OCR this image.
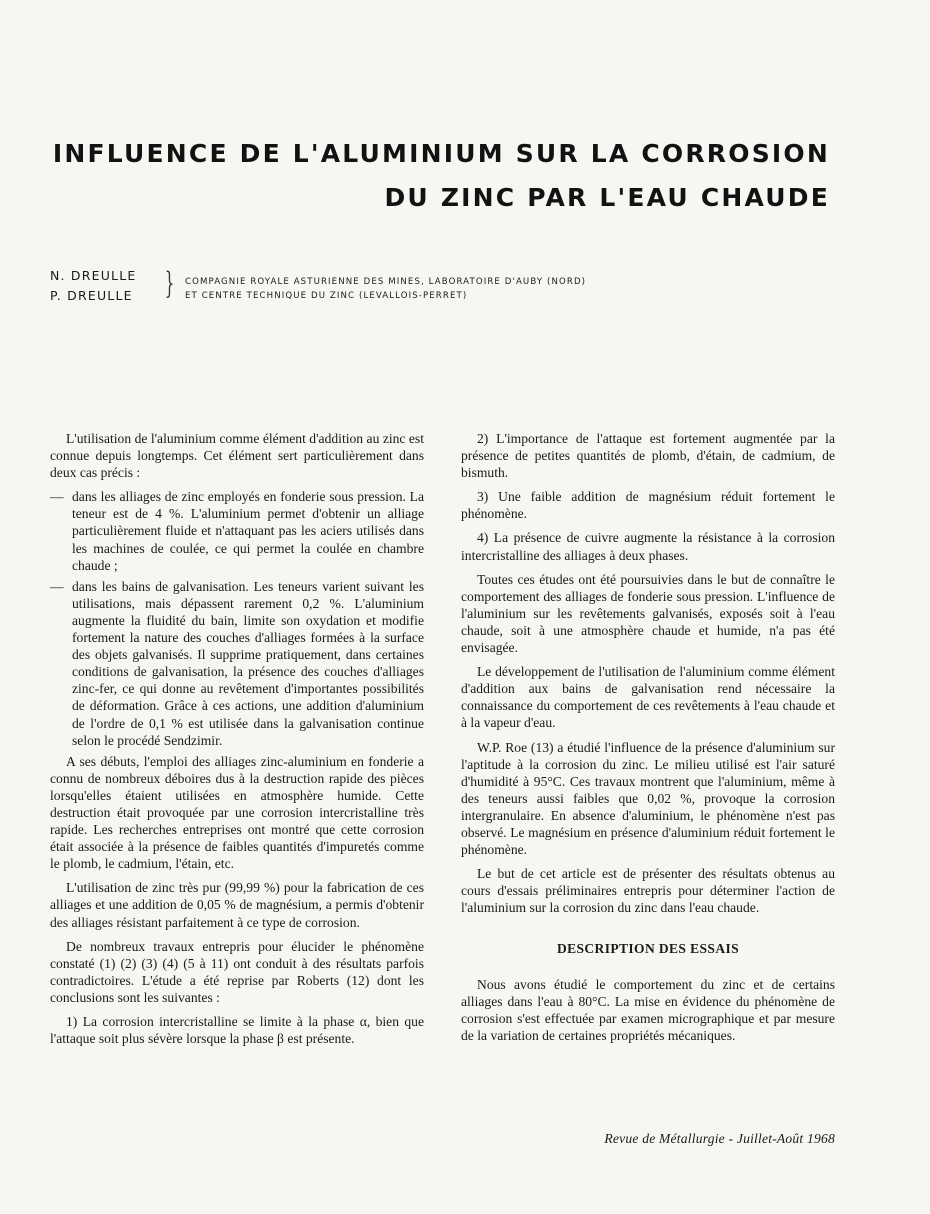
INFLUENCE DE L'ALUMINIUM SUR LA CORROSION
DU ZINC PAR L'EAU CHAUDE
N. DREULLE
P. DREULLE } COMPAGNIE ROYALE ASTURIENNE DES MINES, LABORATOIRE D'AUBY (NORD)
ET CENTRE TECHNIQUE DU ZINC (LEVALLOIS-PERRET)

L'utilisation de l'aluminium comme élément d'addition au zinc est connue depuis longtemps. Cet élément sert particulièrement dans deux cas précis :

— dans les alliages de zinc employés en fonderie sous pression. La teneur est de 4 %. L'aluminium permet d'obtenir un alliage particulièrement fluide et n'attaquant pas les aciers utilisés dans les machines de coulée, ce qui permet la coulée en chambre chaude ;
— dans les bains de galvanisation. Les teneurs varient suivant les utilisations, mais dépassent rarement 0,2 %. L'aluminium augmente la fluidité du bain, limite son oxydation et modifie fortement la nature des couches d'alliages formées à la surface des objets galvanisés. Il supprime pratiquement, dans certaines conditions de galvanisation, la présence des couches d'alliages zinc-fer, ce qui donne au revêtement d'importantes possibilités de déformation. Grâce à ces actions, une addition d'aluminium de l'ordre de 0,1 % est utilisée dans la galvanisation continue selon le procédé Sendzimir.

A ses débuts, l'emploi des alliages zinc-aluminium en fonderie a connu de nombreux déboires dus à la destruction rapide des pièces lorsqu'elles étaient utilisées en atmosphère humide. Cette destruction était provoquée par une corrosion intercristalline très rapide. Les recherches entreprises ont montré que cette corrosion était associée à la présence de faibles quantités d'impuretés comme le plomb, le cadmium, l'étain, etc.

L'utilisation de zinc très pur (99,99 %) pour la fabrication de ces alliages et une addition de 0,05 % de magnésium, a permis d'obtenir des alliages résistant parfaitement à ce type de corrosion.

De nombreux travaux entrepris pour élucider le phénomène constaté (1) (2) (3) (4) (5 à 11) ont conduit à des résultats parfois contradictoires. L'étude a été reprise par Roberts (12) dont les conclusions sont les suivantes :

1) La corrosion intercristalline se limite à la phase α, bien que l'attaque soit plus sévère lorsque la phase β est présente.

2) L'importance de l'attaque est fortement augmentée par la présence de petites quantités de plomb, d'étain, de cadmium, de bismuth.

3) Une faible addition de magnésium réduit fortement le phénomène.

4) La présence de cuivre augmente la résistance à la corrosion intercristalline des alliages à deux phases.

Toutes ces études ont été poursuivies dans le but de connaître le comportement des alliages de fonderie sous pression. L'influence de l'aluminium sur les revêtements galvanisés, exposés soit à l'eau chaude, soit à une atmosphère chaude et humide, n'a pas été envisagée.

Le développement de l'utilisation de l'aluminium comme élément d'addition aux bains de galvanisation rend nécessaire la connaissance du comportement de ces revêtements à l'eau chaude et à la vapeur d'eau.

W.P. Roe (13) a étudié l'influence de la présence d'aluminium sur l'aptitude à la corrosion du zinc. Le milieu utilisé est l'air saturé d'humidité à 95°C. Ces travaux montrent que l'aluminium, même à des teneurs aussi faibles que 0,02 %, provoque la corrosion intergranulaire. En absence d'aluminium, le phénomène n'est pas observé. Le magnésium en présence d'aluminium réduit fortement le phénomène.

Le but de cet article est de présenter des résultats obtenus au cours d'essais préliminaires entrepris pour déterminer l'action de l'aluminium sur la corrosion du zinc dans l'eau chaude.

DESCRIPTION DES ESSAIS

Nous avons étudié le comportement du zinc et de certains alliages dans l'eau à 80°C. La mise en évidence du phénomène de corrosion s'est effectuée par examen micrographique et par mesure de la variation de certaines propriétés mécaniques.

Revue de Métallurgie - Juillet-Août 1968
